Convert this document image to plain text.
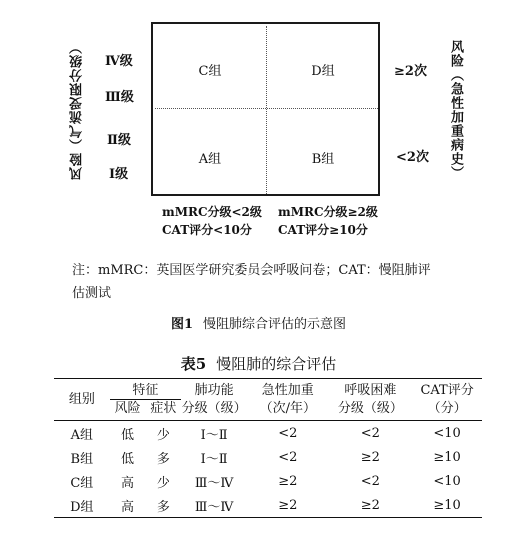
风险（气流受限分级） Ⅳ级
Ⅲ级
Ⅱ级
Ⅰ级
C组	D组
A组	B组
≥2次
<2次 风险（急性加重病史）
mMRC分级<2级
CAT评分<10分
mMRC分级≥2级
CAT评分≥10分
注：mMRC：英国医学研究委员会呼吸问卷；CAT：慢阻肺评
估测试
图1 慢阻肺综合评估的示意图
表5 慢阻肺的综合评估
组别	特征		肺功能	急性加重	呼吸困难	CAT评分
	风险	症状	分级（级）	（次/年）	分级（级）	（分）
A组	低	少	Ⅰ～Ⅱ	<2	<2	<10
B组	低	多	Ⅰ～Ⅱ	<2	≥2	≥10
C组	高	少	Ⅲ～Ⅳ	≥2	<2	<10
D组	高	多	Ⅲ～Ⅳ	≥2	≥2	≥10
